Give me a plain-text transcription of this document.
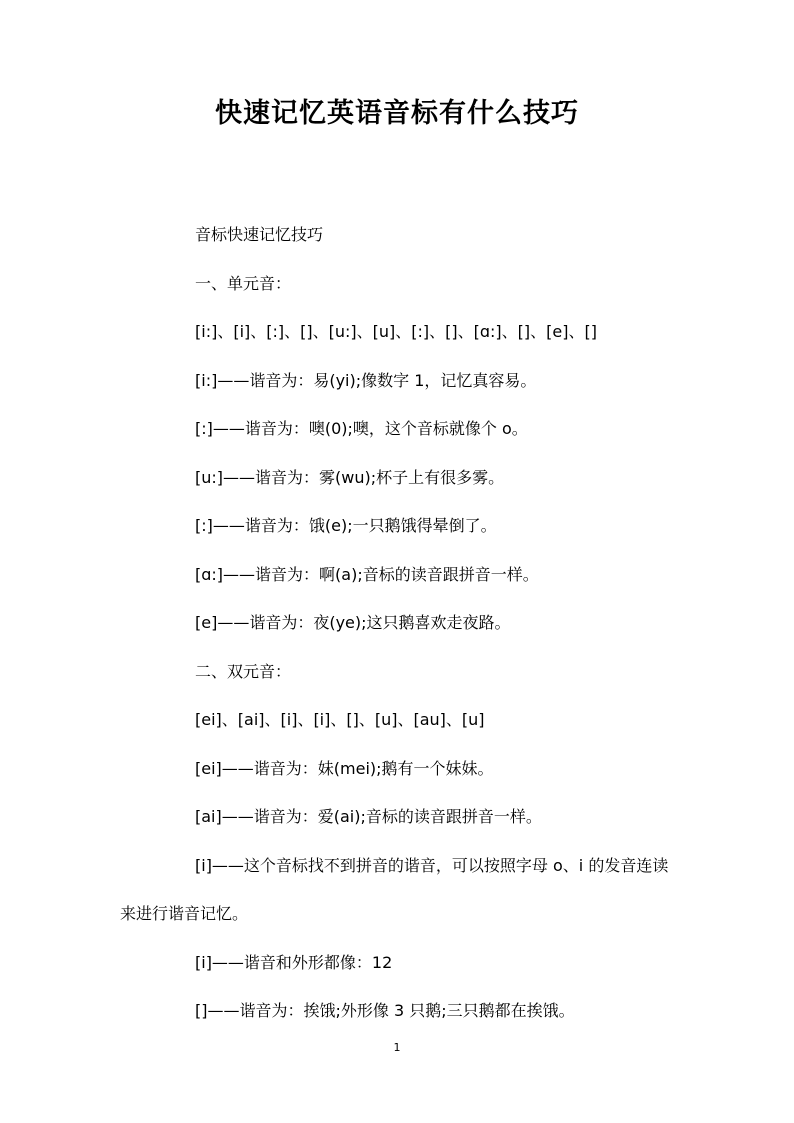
快速记忆英语音标有什么技巧

音标快速记忆技巧

一、单元音：

[i:]、[i]、[:]、[]、[u:]、[u]、[:]、[]、[ɑ:]、[]、[e]、[]

[i:]——谐音为：易(yi);像数字 1，记忆真容易。

[:]——谐音为：噢(0);噢，这个音标就像个 o。

[u:]——谐音为：雾(wu);杯子上有很多雾。

[:]——谐音为：饿(e);一只鹅饿得晕倒了。

[ɑ:]——谐音为：啊(a);音标的读音跟拼音一样。

[e]——谐音为：夜(ye);这只鹅喜欢走夜路。

二、双元音：

[ei]、[ai]、[i]、[i]、[]、[u]、[au]、[u]

[ei]——谐音为：妹(mei);鹅有一个妹妹。

[ai]——谐音为：爱(ai);音标的读音跟拼音一样。

[i]——这个音标找不到拼音的谐音，可以按照字母 o、i 的发音连读来进行谐音记忆。

[i]——谐音和外形都像：12

[]——谐音为：挨饿;外形像 3 只鹅;三只鹅都在挨饿。

1
